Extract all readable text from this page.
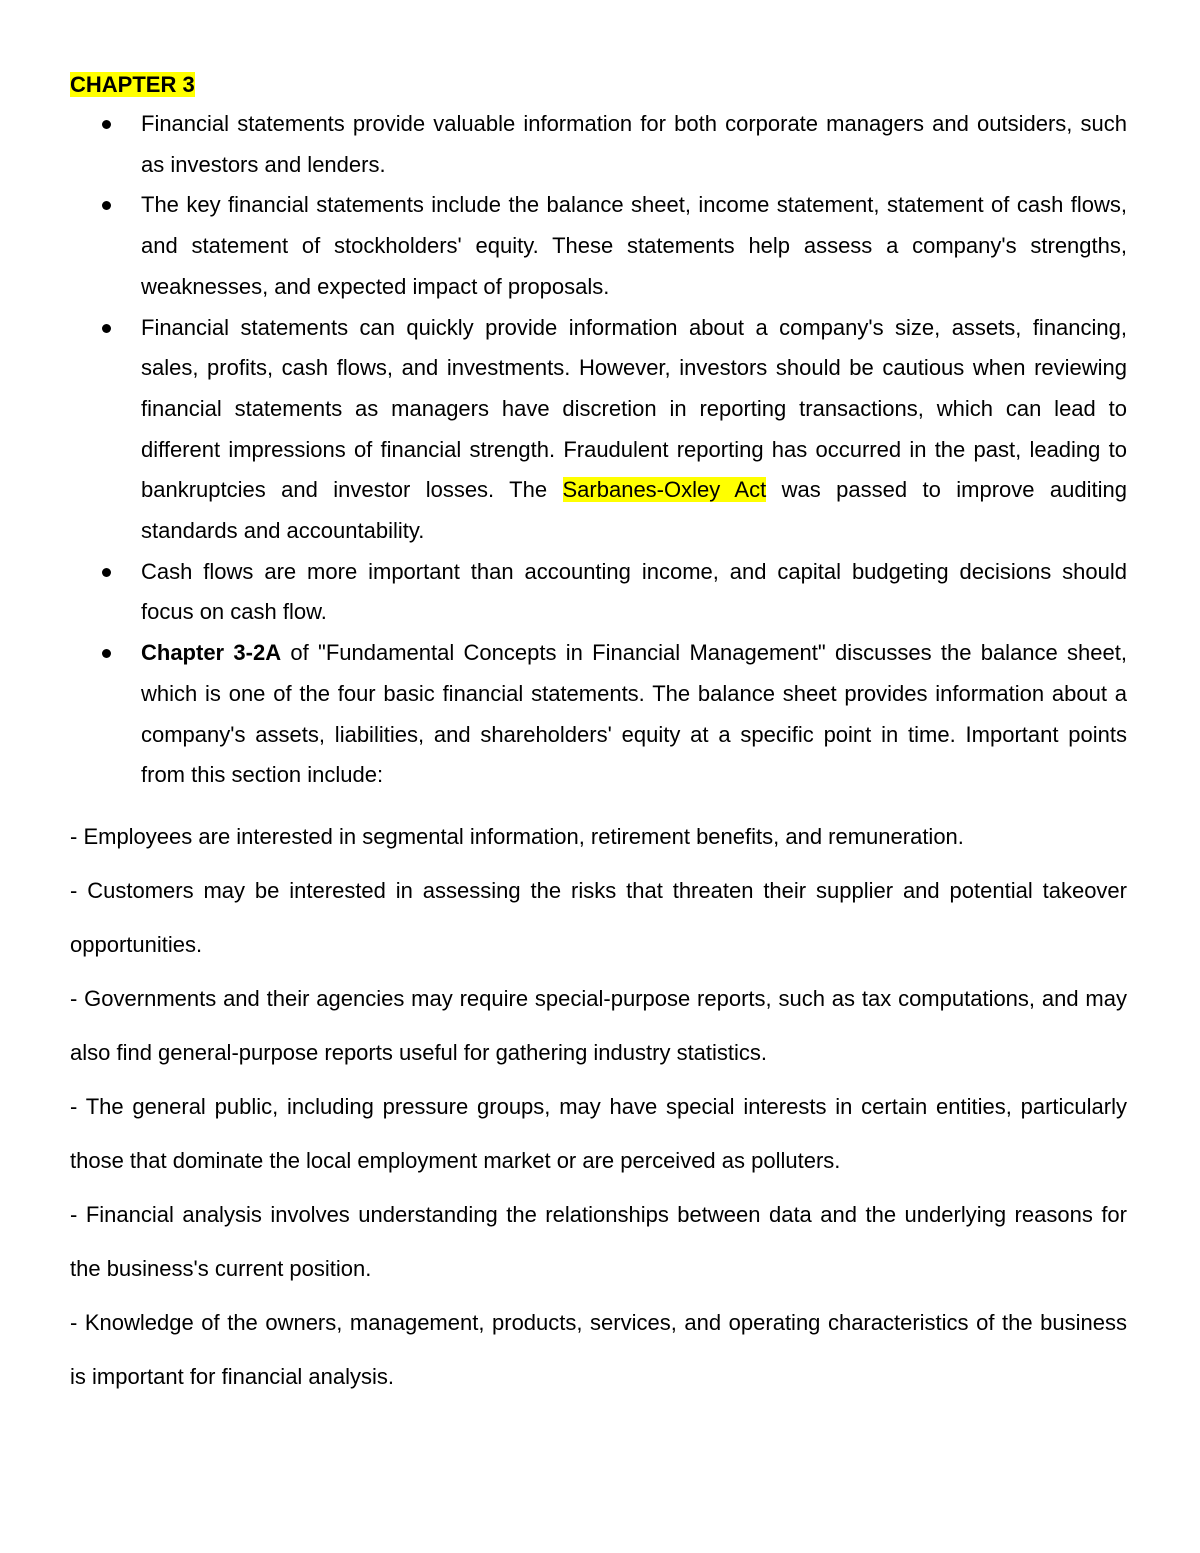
CHAPTER 3

Financial statements provide valuable information for both corporate managers and outsiders, such as investors and lenders.
The key financial statements include the balance sheet, income statement, statement of cash flows, and statement of stockholders' equity. These statements help assess a company's strengths, weaknesses, and expected impact of proposals.
Financial statements can quickly provide information about a company's size, assets, financing, sales, profits, cash flows, and investments. However, investors should be cautious when reviewing financial statements as managers have discretion in reporting transactions, which can lead to different impressions of financial strength. Fraudulent reporting has occurred in the past, leading to bankruptcies and investor losses. The Sarbanes-Oxley Act was passed to improve auditing standards and accountability.
Cash flows are more important than accounting income, and capital budgeting decisions should focus on cash flow.
Chapter 3-2A of "Fundamental Concepts in Financial Management" discusses the balance sheet, which is one of the four basic financial statements. The balance sheet provides information about a company's assets, liabilities, and shareholders' equity at a specific point in time. Important points from this section include:

- Employees are interested in segmental information, retirement benefits, and remuneration.

- Customers may be interested in assessing the risks that threaten their supplier and potential takeover opportunities.

- Governments and their agencies may require special-purpose reports, such as tax computations, and may also find general-purpose reports useful for gathering industry statistics.

- The general public, including pressure groups, may have special interests in certain entities, particularly those that dominate the local employment market or are perceived as polluters.

- Financial analysis involves understanding the relationships between data and the underlying reasons for the business's current position.

- Knowledge of the owners, management, products, services, and operating characteristics of the business is important for financial analysis.
